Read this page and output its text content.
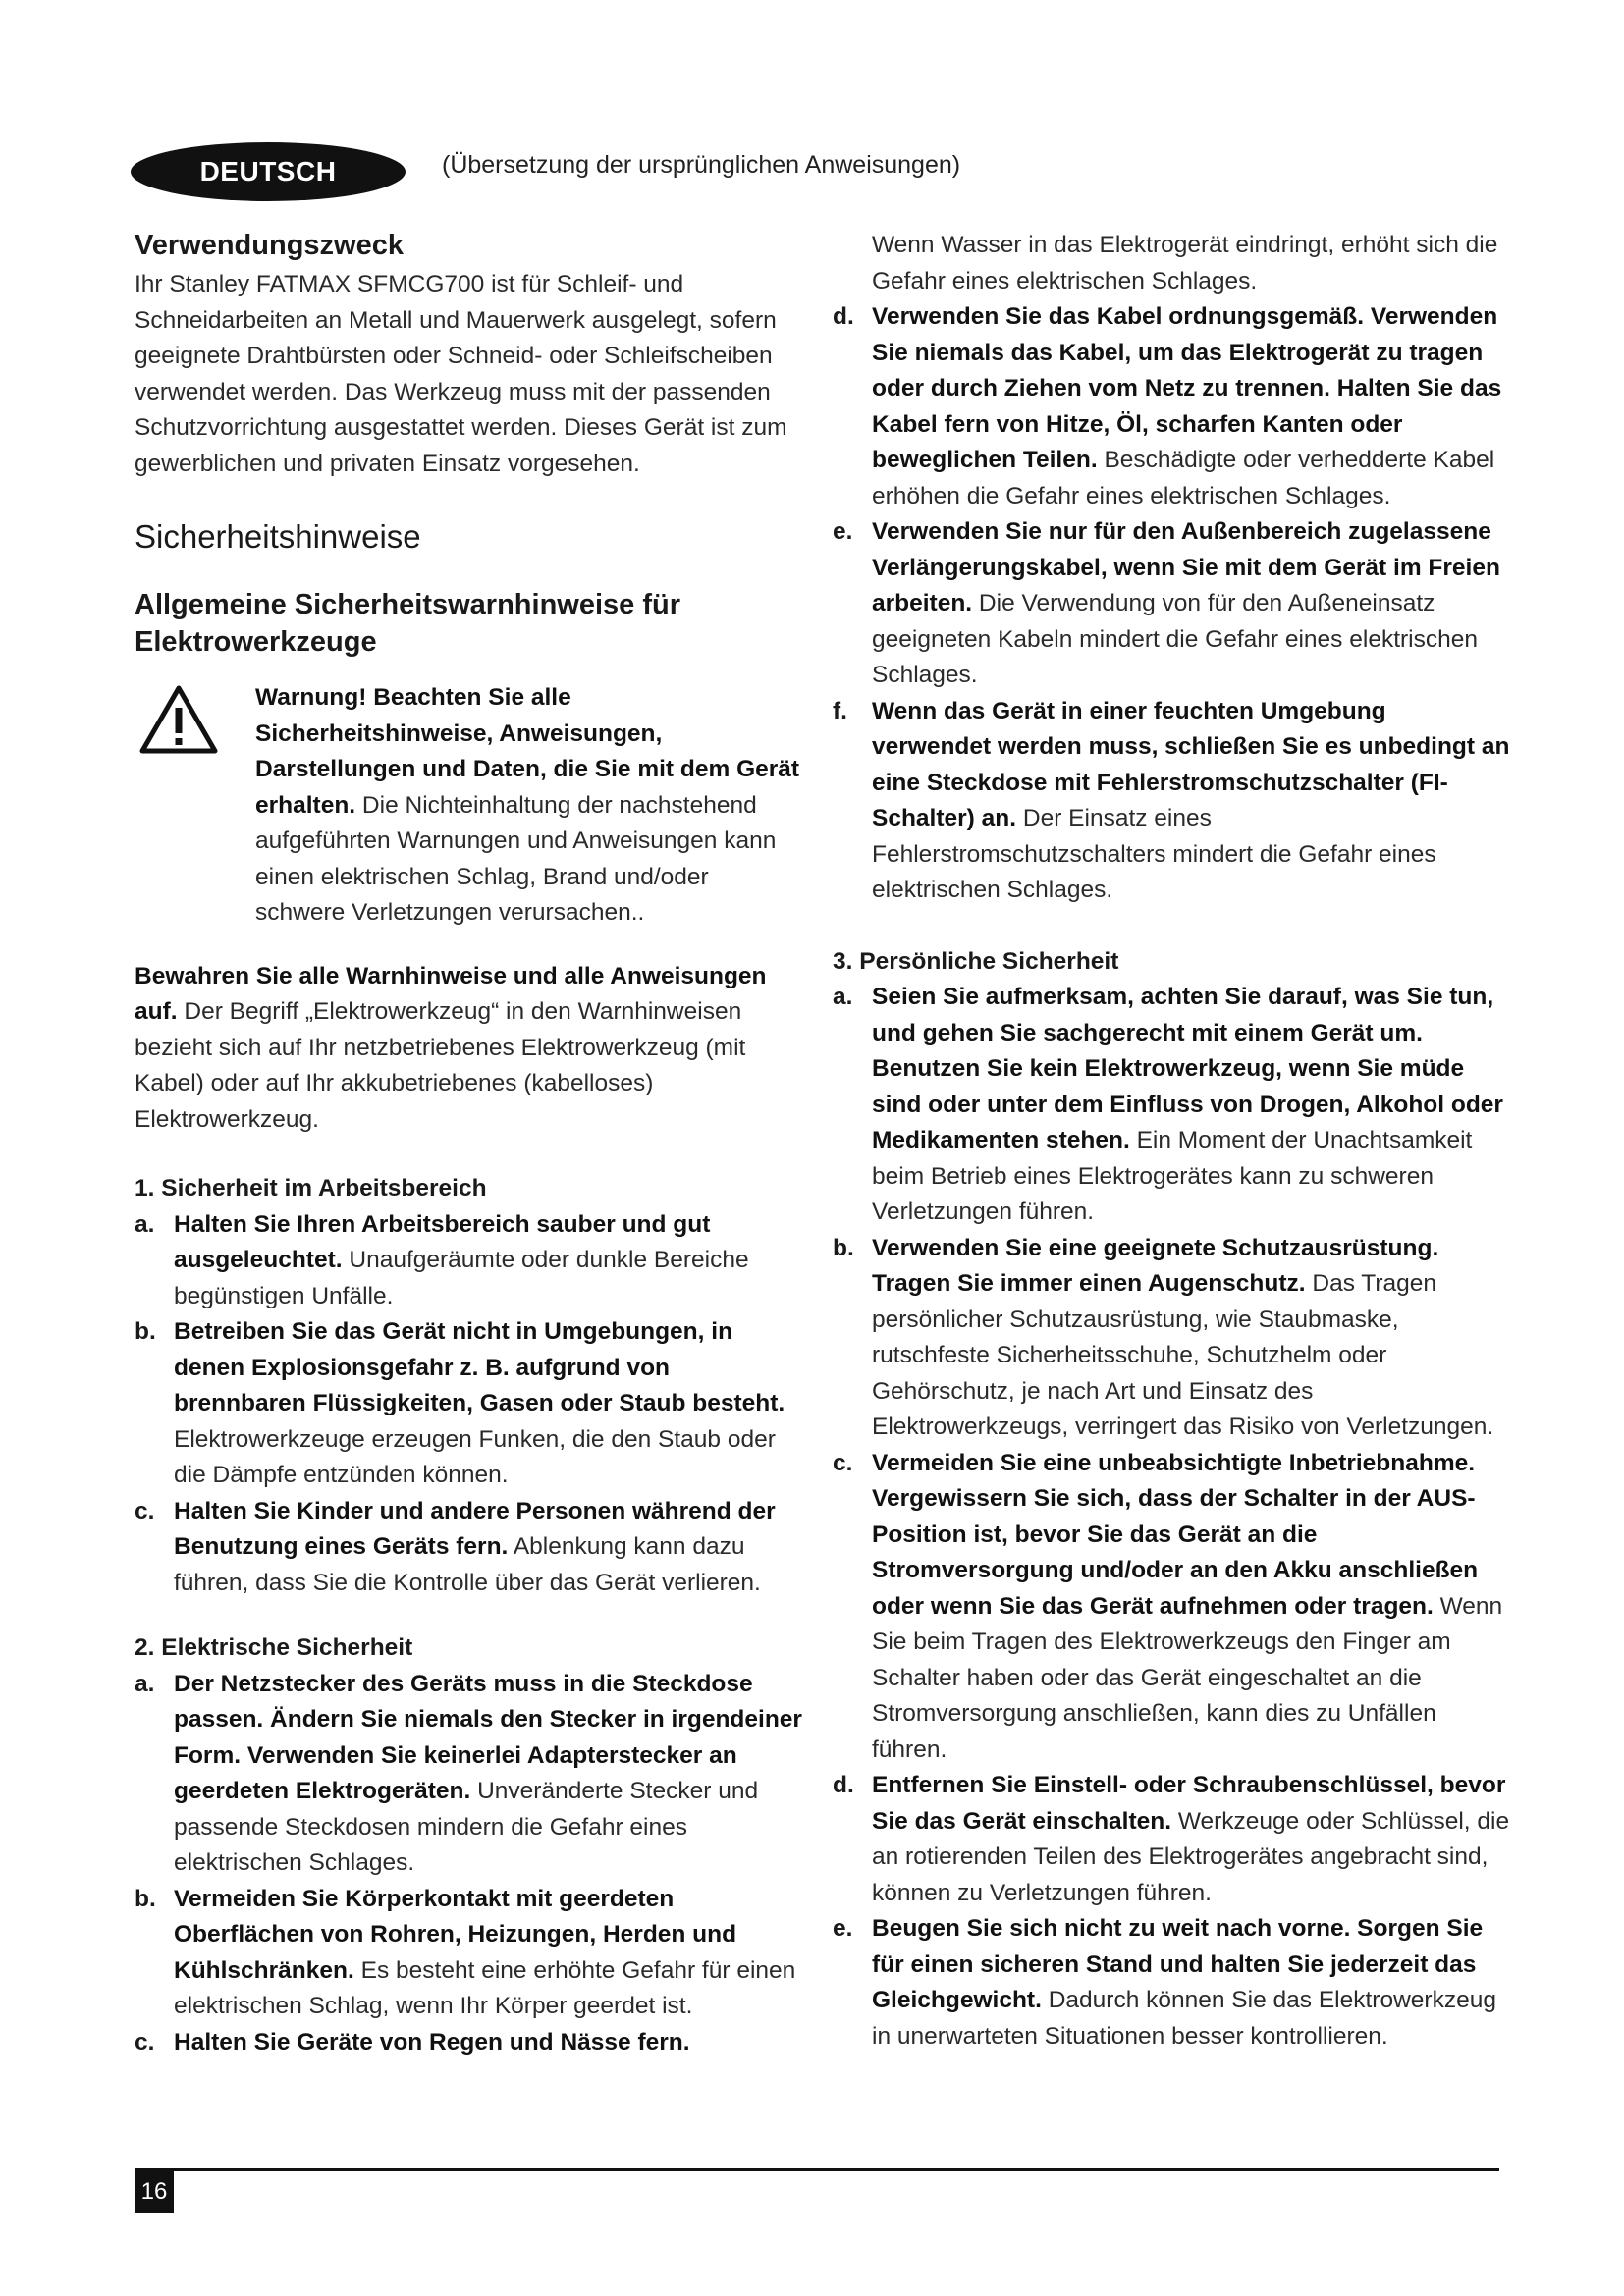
DEUTSCH	(Übersetzung der ursprünglichen Anweisungen)
Verwendungszweck

Ihr Stanley FATMAX SFMCG700 ist für Schleif- und Schneidarbeiten an Metall und Mauerwerk ausgelegt, sofern geeignete Drahtbürsten oder Schneid- oder Schleifscheiben verwendet werden. Das Werkzeug muss mit der passenden Schutzvorrichtung ausgestattet werden. Dieses Gerät ist zum gewerblichen und privaten Einsatz vorgesehen.

Sicherheitshinweise
Allgemeine Sicherheitswarnhinweise für Elektrowerkzeuge

Warnung! Beachten Sie alle Sicherheitshinweise, Anweisungen, Darstellungen und Daten, die Sie mit dem Gerät erhalten. Die Nichteinhaltung der nachstehend aufgeführten Warnungen und Anweisungen kann einen elektrischen Schlag, Brand und/oder schwere Verletzungen verursachen..

Bewahren Sie alle Warnhinweise und alle Anweisungen auf. Der Begriff „Elektrowerkzeug“ in den Warnhinweisen bezieht sich auf Ihr netzbetriebenes Elektrowerkzeug (mit Kabel) oder auf Ihr akkubetriebenes (kabelloses) Elektrowerkzeug.

1. Sicherheit im Arbeitsbereich
a. Halten Sie Ihren Arbeitsbereich sauber und gut ausgeleuchtet. Unaufgeräumte oder dunkle Bereiche begünstigen Unfälle.
b. Betreiben Sie das Gerät nicht in Umgebungen, in denen Explosionsgefahr z. B. aufgrund von brennbaren Flüssigkeiten, Gasen oder Staub besteht. Elektrowerkzeuge erzeugen Funken, die den Staub oder die Dämpfe entzünden können.
c. Halten Sie Kinder und andere Personen während der Benutzung eines Geräts fern. Ablenkung kann dazu führen, dass Sie die Kontrolle über das Gerät verlieren.
2. Elektrische Sicherheit
a. Der Netzstecker des Geräts muss in die Steckdose passen. Ändern Sie niemals den Stecker in irgendeiner Form. Verwenden Sie keinerlei Adapterstecker an geerdeten Elektrogeräten. Unveränderte Stecker und passende Steckdosen mindern die Gefahr eines elektrischen Schlages.
b. Vermeiden Sie Körperkontakt mit geerdeten Oberflächen von Rohren, Heizungen, Herden und Kühlschränken. Es besteht eine erhöhte Gefahr für einen elektrischen Schlag, wenn Ihr Körper geerdet ist.
c. Halten Sie Geräte von Regen und Nässe fern.
Wenn Wasser in das Elektrogerät eindringt, erhöht sich die Gefahr eines elektrischen Schlages.
d. Verwenden Sie das Kabel ordnungsgemäß. Verwenden Sie niemals das Kabel, um das Elektrogerät zu tragen oder durch Ziehen vom Netz zu trennen. Halten Sie das Kabel fern von Hitze, Öl, scharfen Kanten oder beweglichen Teilen. Beschädigte oder verhedderte Kabel erhöhen die Gefahr eines elektrischen Schlages.
e. Verwenden Sie nur für den Außenbereich zugelassene Verlängerungskabel, wenn Sie mit dem Gerät im Freien arbeiten. Die Verwendung von für den Außeneinsatz geeigneten Kabeln mindert die Gefahr eines elektrischen Schlages.
f. Wenn das Gerät in einer feuchten Umgebung verwendet werden muss, schließen Sie es unbedingt an eine Steckdose mit Fehlerstromschutzschalter (FI-Schalter) an. Der Einsatz eines Fehlerstromschutzschalters mindert die Gefahr eines elektrischen Schlages.
3. Persönliche Sicherheit
a. Seien Sie aufmerksam, achten Sie darauf, was Sie tun, und gehen Sie sachgerecht mit einem Gerät um. Benutzen Sie kein Elektrowerkzeug, wenn Sie müde sind oder unter dem Einfluss von Drogen, Alkohol oder Medikamenten stehen. Ein Moment der Unachtsamkeit beim Betrieb eines Elektrogerätes kann zu schweren Verletzungen führen.
b. Verwenden Sie eine geeignete Schutzausrüstung. Tragen Sie immer einen Augenschutz. Das Tragen persönlicher Schutzausrüstung, wie Staubmaske, rutschfeste Sicherheitsschuhe, Schutzhelm oder Gehörschutz, je nach Art und Einsatz des Elektrowerkzeugs, verringert das Risiko von Verletzungen.
c. Vermeiden Sie eine unbeabsichtigte Inbetriebnahme. Vergewissern Sie sich, dass der Schalter in der AUS-Position ist, bevor Sie das Gerät an die Stromversorgung und/oder an den Akku anschließen oder wenn Sie das Gerät aufnehmen oder tragen. Wenn Sie beim Tragen des Elektrowerkzeugs den Finger am Schalter haben oder das Gerät eingeschaltet an die Stromversorgung anschließen, kann dies zu Unfällen führen.
d. Entfernen Sie Einstell- oder Schraubenschlüssel, bevor Sie das Gerät einschalten. Werkzeuge oder Schlüssel, die an rotierenden Teilen des Elektrogerätes angebracht sind, können zu Verletzungen führen.
e. Beugen Sie sich nicht zu weit nach vorne. Sorgen Sie für einen sicheren Stand und halten Sie jederzeit das Gleichgewicht. Dadurch können Sie das Elektrowerkzeug in unerwarteten Situationen besser kontrollieren.
16
